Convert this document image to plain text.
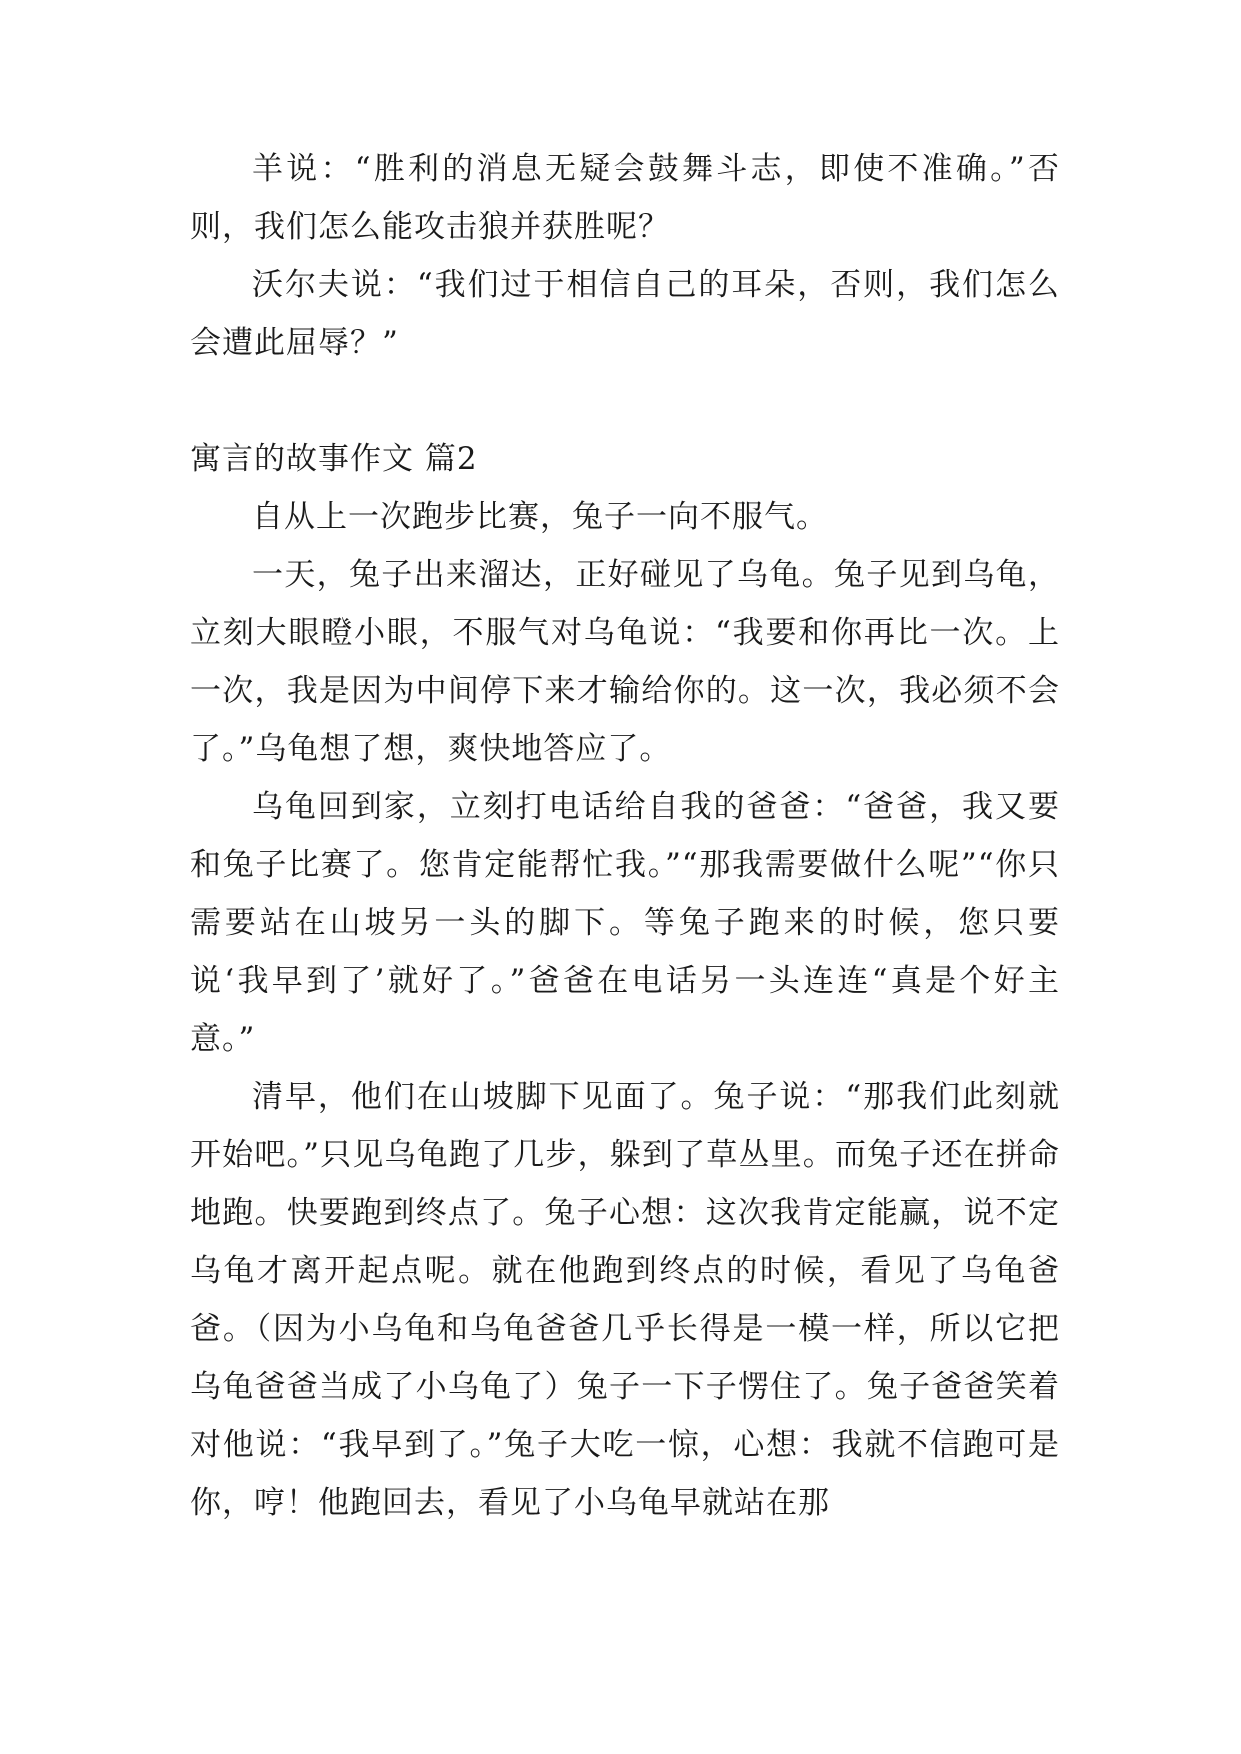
羊说：“胜利的消息无疑会鼓舞斗志，即使不准确。”否则，我们怎么能攻击狼并获胜呢？

沃尔夫说：“我们过于相信自己的耳朵，否则，我们怎么会遭此屈辱？”

寓言的故事作文 篇2

自从上一次跑步比赛，兔子一向不服气。

一天，兔子出来溜达，正好碰见了乌龟。兔子见到乌龟，立刻大眼瞪小眼，不服气对乌龟说：“我要和你再比一次。上一次，我是因为中间停下来才输给你的。这一次，我必须不会了。”乌龟想了想，爽快地答应了。

乌龟回到家，立刻打电话给自我的爸爸：“爸爸，我又要和兔子比赛了。您肯定能帮忙我。”“那我需要做什么呢”“你只需要站在山坡另一头的脚下。等兔子跑来的时候，您只要说‘我早到了’就好了。”爸爸在电话另一头连连“真是个好主意。”

清早，他们在山坡脚下见面了。兔子说：“那我们此刻就开始吧。”只见乌龟跑了几步，躲到了草丛里。而兔子还在拼命地跑。快要跑到终点了。兔子心想：这次我肯定能赢，说不定乌龟才离开起点呢。就在他跑到终点的时候，看见了乌龟爸爸。（因为小乌龟和乌龟爸爸几乎长得是一模一样，所以它把乌龟爸爸当成了小乌龟了）兔子一下子愣住了。兔子爸爸笑着对他说：“我早到了。”兔子大吃一惊，心想：我就不信跑可是你，哼！他跑回去，看见了小乌龟早就站在那
